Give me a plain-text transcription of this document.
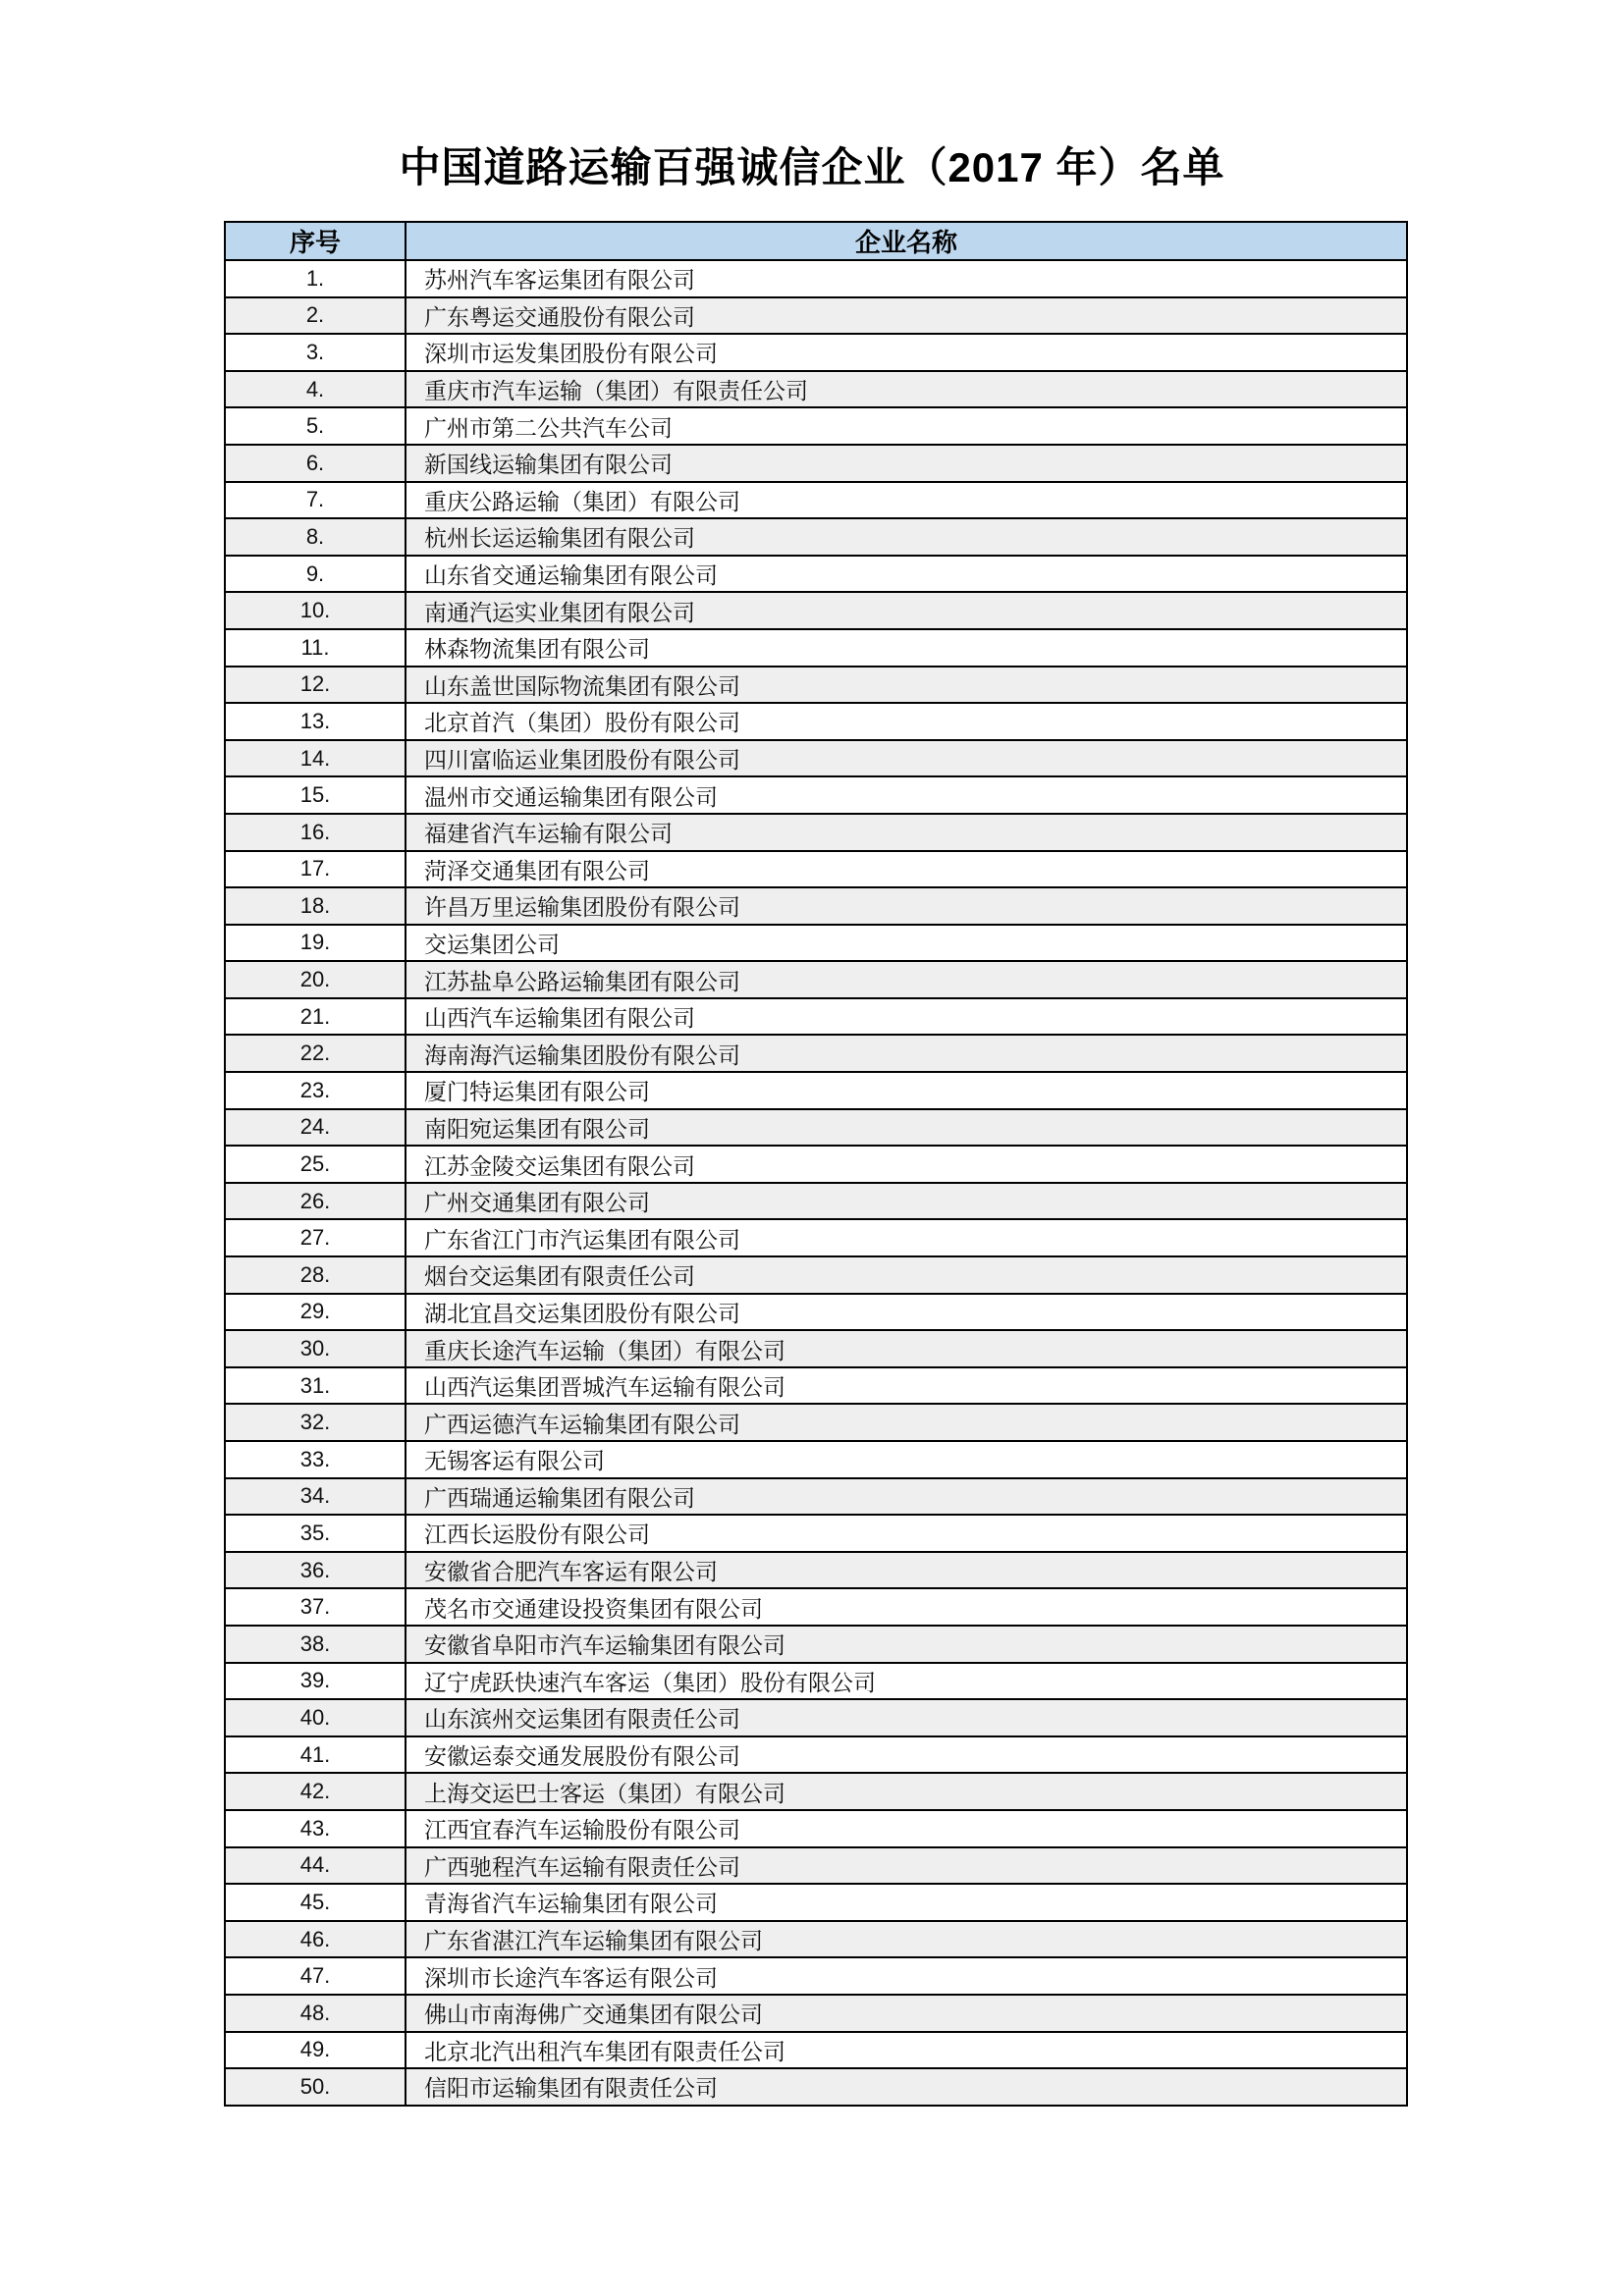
中国道路运输百强诚信企业（2017 年）名单
序号	企业名称
1.	苏州汽车客运集团有限公司
2.	广东粤运交通股份有限公司
3.	深圳市运发集团股份有限公司
4.	重庆市汽车运输（集团）有限责任公司
5.	广州市第二公共汽车公司
6.	新国线运输集团有限公司
7.	重庆公路运输（集团）有限公司
8.	杭州长运运输集团有限公司
9.	山东省交通运输集团有限公司
10.	南通汽运实业集团有限公司
11.	林森物流集团有限公司
12.	山东盖世国际物流集团有限公司
13.	北京首汽（集团）股份有限公司
14.	四川富临运业集团股份有限公司
15.	温州市交通运输集团有限公司
16.	福建省汽车运输有限公司
17.	菏泽交通集团有限公司
18.	许昌万里运输集团股份有限公司
19.	交运集团公司
20.	江苏盐阜公路运输集团有限公司
21.	山西汽车运输集团有限公司
22.	海南海汽运输集团股份有限公司
23.	厦门特运集团有限公司
24.	南阳宛运集团有限公司
25.	江苏金陵交运集团有限公司
26.	广州交通集团有限公司
27.	广东省江门市汽运集团有限公司
28.	烟台交运集团有限责任公司
29.	湖北宜昌交运集团股份有限公司
30.	重庆长途汽车运输（集团）有限公司
31.	山西汽运集团晋城汽车运输有限公司
32.	广西运德汽车运输集团有限公司
33.	无锡客运有限公司
34.	广西瑞通运输集团有限公司
35.	江西长运股份有限公司
36.	安徽省合肥汽车客运有限公司
37.	茂名市交通建设投资集团有限公司
38.	安徽省阜阳市汽车运输集团有限公司
39.	辽宁虎跃快速汽车客运（集团）股份有限公司
40.	山东滨州交运集团有限责任公司
41.	安徽运泰交通发展股份有限公司
42.	上海交运巴士客运（集团）有限公司
43.	江西宜春汽车运输股份有限公司
44.	广西驰程汽车运输有限责任公司
45.	青海省汽车运输集团有限公司
46.	广东省湛江汽车运输集团有限公司
47.	深圳市长途汽车客运有限公司
48.	佛山市南海佛广交通集团有限公司
49.	北京北汽出租汽车集团有限责任公司
50.	信阳市运输集团有限责任公司
